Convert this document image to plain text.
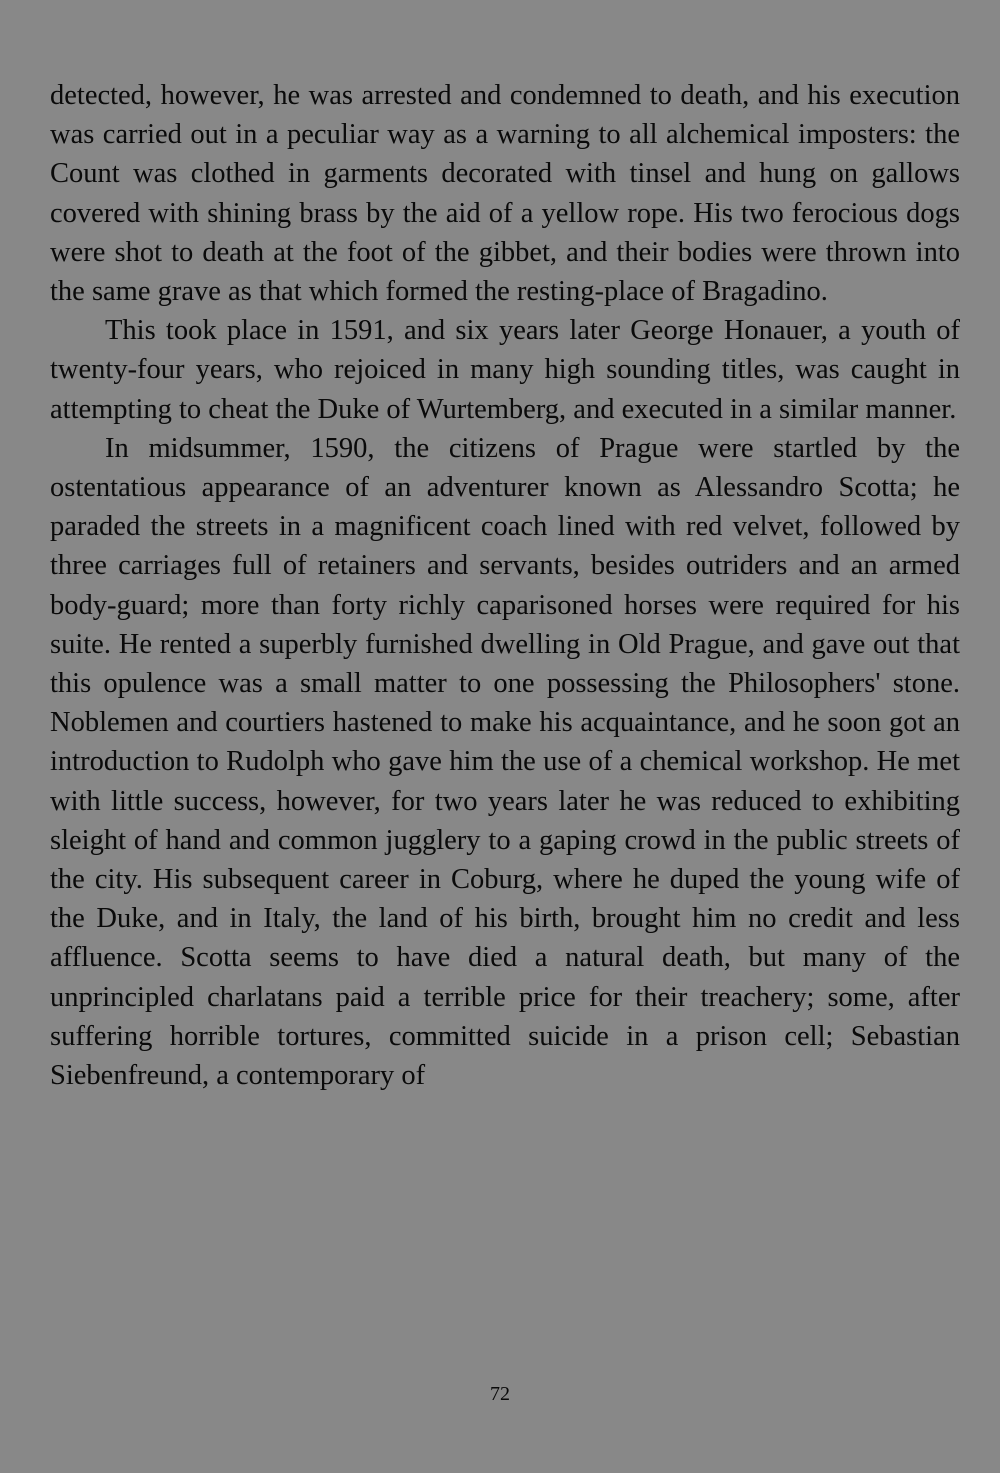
detected, however, he was arrested and condemned to death, and his execution was carried out in a peculiar way as a warning to all alchemical imposters: the Count was clothed in garments decorated with tinsel and hung on gallows covered with shining brass by the aid of a yellow rope. His two ferocious dogs were shot to death at the foot of the gibbet, and their bodies were thrown into the same grave as that which formed the resting-place of Bragadino.

This took place in 1591, and six years later George Honauer, a youth of twenty-four years, who rejoiced in many high sounding titles, was caught in attempting to cheat the Duke of Wurtemberg, and executed in a similar manner.

In midsummer, 1590, the citizens of Prague were startled by the ostentatious appearance of an adventurer known as Alessandro Scotta; he paraded the streets in a magnificent coach lined with red velvet, followed by three carriages full of retainers and servants, besides outriders and an armed body-guard; more than forty richly caparisoned horses were required for his suite. He rented a superbly furnished dwelling in Old Prague, and gave out that this opulence was a small matter to one possessing the Philosophers' stone. Noblemen and courtiers hastened to make his acquaintance, and he soon got an introduction to Rudolph who gave him the use of a chemical workshop. He met with little success, however, for two years later he was reduced to exhibiting sleight of hand and common jugglery to a gaping crowd in the public streets of the city. His subsequent career in Coburg, where he duped the young wife of the Duke, and in Italy, the land of his birth, brought him no credit and less affluence. Scotta seems to have died a natural death, but many of the unprincipled charlatans paid a terrible price for their treachery; some, after suffering horrible tortures, committed suicide in a prison cell; Sebastian Siebenfreund, a contemporary of

72
